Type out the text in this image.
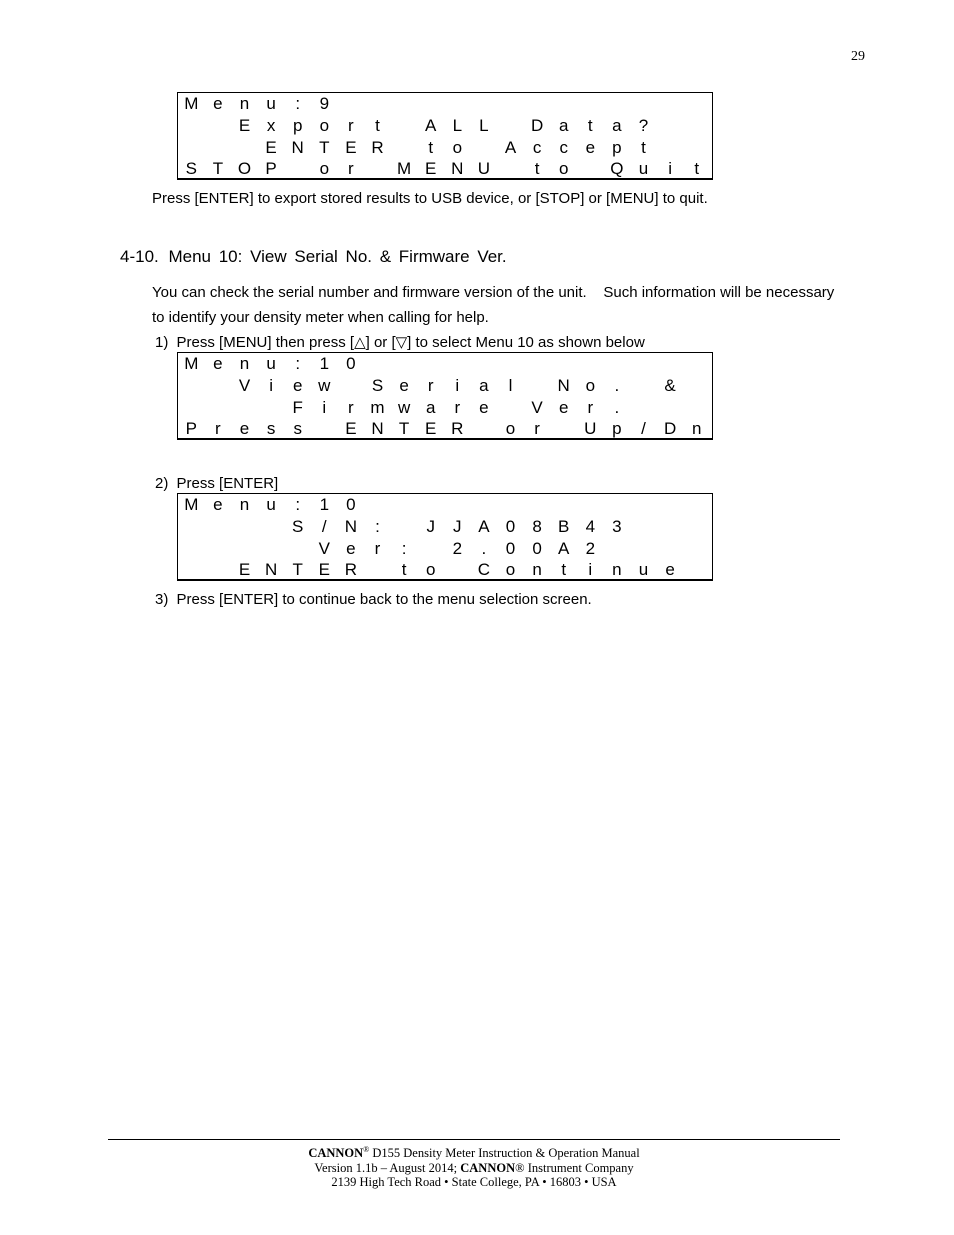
29
M e	n	u	:	9
E x	p	o	r	t	A L	L	D a	t	a	?
E N T E R	t	o	A c	c	e	p	t
S T O P	o	r	M E N U	t	o	Q u	i	t
Press [ENTER] to export stored results to USB device, or [STOP] or [MENU] to quit.
4-10. Menu 10: View Serial No. & Firmware Ver.
You can check the serial number and firmware version of the unit.    Such information will be necessary
to identify your density meter when calling for help.
1) Press [MENU] then press [△] or [▽] to select Menu 10 as shown below
M e	n	u	:	1	0
V	i	e w	S e	r	i	a	l	N o	.	&
F	i	r m w a	r	e	V e	r	.
P	r	e	s	s	E N T E R	o	r	U p	/	D n
2) Press [ENTER]
M e	n	u	:	1	0
S	/	N	:	J	J A 0	8 B 4	3
V e	r	:	2	.	0	0 A 2
E N T E R	t	o	C o	n	t	i	n	u	e
3) Press [ENTER] to continue back to the menu selection screen.
CANNON® D155 Density Meter Instruction & Operation Manual
Version 1.1b – August 2014; CANNON® Instrument Company
2139 High Tech Road • State College, PA • 16803 • USA
